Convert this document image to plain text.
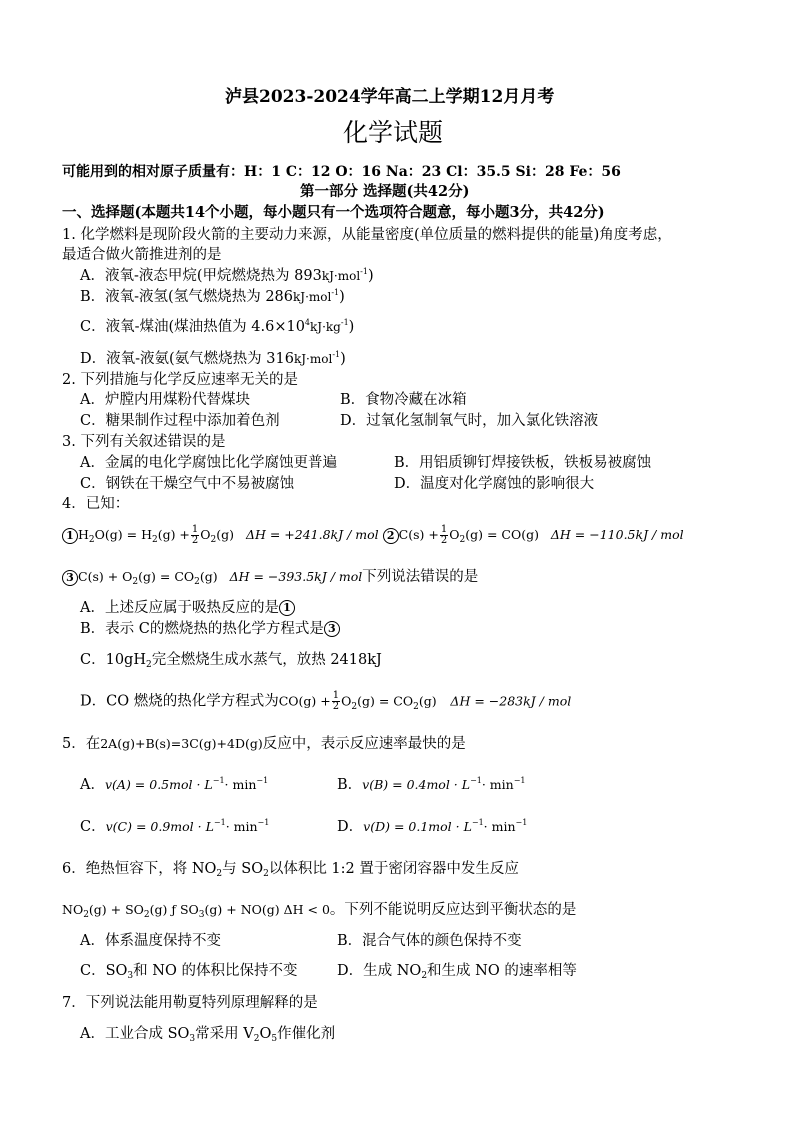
泸县2023-2024学年高二上学期12月月考
化学试题
可能用到的相对原子质量有：H：1 C：12 O：16 Na：23 Cl：35.5 Si：28 Fe：56
第一部分 选择题(共42分)
一、选择题(本题共14个小题，每小题只有一个选项符合题意，每小题3分，共42分)
1. 化学燃料是现阶段火箭的主要动力来源，从能量密度(单位质量的燃料提供的能量)角度考虑，
最适合做火箭推进剂的是
A．液氧-液态甲烷(甲烷燃烧热为 893kJ·mol$^{-1}$)
B．液氧-液氢(氢气燃烧热为 286kJ·mol$^{-1}$)
C．液氧-煤油(煤油热值为 $4.6\times 10^4kJ\cdot kg^{-1}$)
D．液氧-液氨(氨气燃烧热为 316kJ·mol$^{-1}$)
2. 下列措施与化学反应速率无关的是
A．炉膛内用煤粉代替煤块	B．食物冷藏在冰箱
C．糖果制作过程中添加着色剂	D．过氧化氢制氧气时，加入氯化铁溶液
3. 下列有关叙述错误的是
A．金属的电化学腐蚀比化学腐蚀更普遍	B．用铝质铆钉焊接铁板，铁板易被腐蚀
C．钢铁在干燥空气中不易被腐蚀	D．温度对化学腐蚀的影响很大
4．已知：
1 $H_2O(g) = H_2(g) + \frac{1}{2} O_2(g) \Delta H = +241.8kJ$ / mol 2 $C(s) + \frac{1}{2} O_2(g) = CO(g) \Delta H = -110.5kJ$ / mol
3 $C(s) + O_2(g) = CO_2(g) \Delta H = -393.5kJ$ / mol下列说法错误的是
A．上述反应属于吸热反应的是 1
B．表示 C的燃烧热的热化学方程式是 3
C．$10gH_2$完全燃烧生成水蒸气，放热 2418kJ
D．CO 燃烧的热化学方程式为$CO(g) + \frac{1}{2} O_2(g) = CO_2(g) \Delta H = -283kJ$ / mol
5．在2A(g)+B(s)=3C(g)+4D(g)反应中，表示反应速率最快的是
A．$v(A) = 0.5mol \cdot L^{-1}\cdot \min^{-1}$	B．$v(B) = 0.4mol \cdot L^{-1}\cdot \min^{-1}$
C．$v(C) = 0.9mol \cdot L^{-1}\cdot \min^{-1}$	D．$v(D) = 0.1mol \cdot L^{-1}\cdot \min^{-1}$
6．绝热恒容下，将 $NO_2$与 $SO_2$以体积比 1:2 置于密闭容器中发生反应
$NO_2(g) + SO_2(g)$ ƒ $SO_3(g) + NO(g) \Delta H < 0$。下列不能说明反应达到平衡状态的是
A．体系温度保持不变	B．混合气体的颜色保持不变
C．$SO_3$和 NO 的体积比保持不变	D．生成 $NO_2$和生成 NO 的速率相等
7．下列说法能用勒夏特列原理解释的是
A．工业合成 $SO_3$常采用 $V_2O_5$作催化剂
